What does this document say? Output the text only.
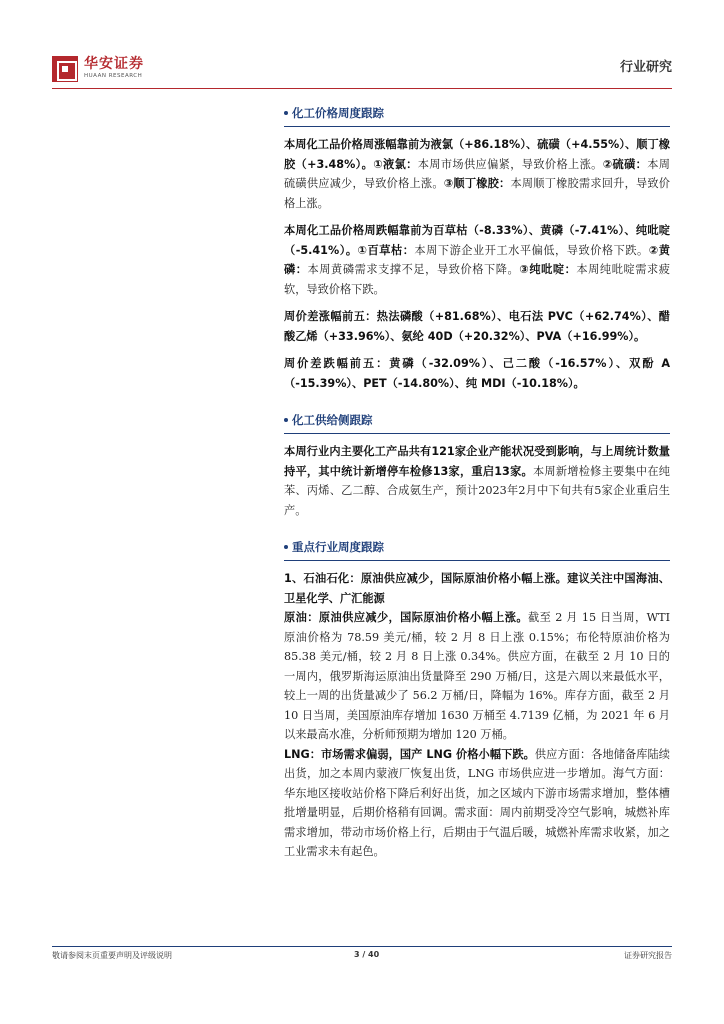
华安证券
HUAAN RESEARCH
行业研究
化工价格周度跟踪

本周化工品价格周涨幅靠前为液氯（+86.18%）、硫磺（+4.55%）、顺丁橡胶（+3.48%）。①液氯：本周市场供应偏紧，导致价格上涨。②硫磺：本周硫磺供应减少，导致价格上涨。③顺丁橡胶：本周顺丁橡胶需求回升，导致价格上涨。

本周化工品价格周跌幅靠前为百草枯（-8.33%）、黄磷（-7.41%）、纯吡啶（-5.41%）。①百草枯：本周下游企业开工水平偏低，导致价格下跌。②黄磷：本周黄磷需求支撑不足，导致价格下降。③纯吡啶：本周纯吡啶需求疲软，导致价格下跌。

周价差涨幅前五：热法磷酸（+81.68%）、电石法 PVC（+62.74%）、醋酸乙烯（+33.96%）、氨纶 40D（+20.32%）、PVA（+16.99%）。

周价差跌幅前五：黄磷（-32.09%）、己二酸（-16.57%）、双酚 A（-15.39%）、PET（-14.80%）、纯 MDI（-10.18%）。

化工供给侧跟踪

本周行业内主要化工产品共有121家企业产能状况受到影响，与上周统计数量持平，其中统计新增停车检修13家，重启13家。本周新增检修主要集中在纯苯、丙烯、乙二醇、合成氨生产，预计2023年2月中下旬共有5家企业重启生产。

重点行业周度跟踪

1、石油石化：原油供应减少，国际原油价格小幅上涨。建议关注中国海油、卫星化学、广汇能源

原油：原油供应减少，国际原油价格小幅上涨。截至 2 月 15 日当周，WTI 原油价格为 78.59 美元/桶，较 2 月 8 日上涨 0.15%；布伦特原油价格为 85.38 美元/桶，较 2 月 8 日上涨 0.34%。供应方面，在截至 2 月 10 日的一周内，俄罗斯海运原油出货量降至 290 万桶/日，这是六周以来最低水平，较上一周的出货量减少了 56.2 万桶/日，降幅为 16%。库存方面，截至 2 月 10 日当周，美国原油库存增加 1630 万桶至 4.7139 亿桶，为 2021 年 6 月以来最高水准，分析师预期为增加 120 万桶。

LNG：市场需求偏弱，国产 LNG 价格小幅下跌。供应方面：各地储备库陆续出货，加之本周内蒙液厂恢复出货，LNG 市场供应进一步增加。海气方面：华东地区接收站价格下降后利好出货，加之区域内下游市场需求增加，整体槽批增量明显，后期价格稍有回调。需求面：周内前期受冷空气影响，城燃补库需求增加，带动市场价格上行，后期由于气温后暖，城燃补库需求收紧，加之工业需求未有起色。

敬请参阅末页重要声明及评级说明	3 / 40	证券研究报告
